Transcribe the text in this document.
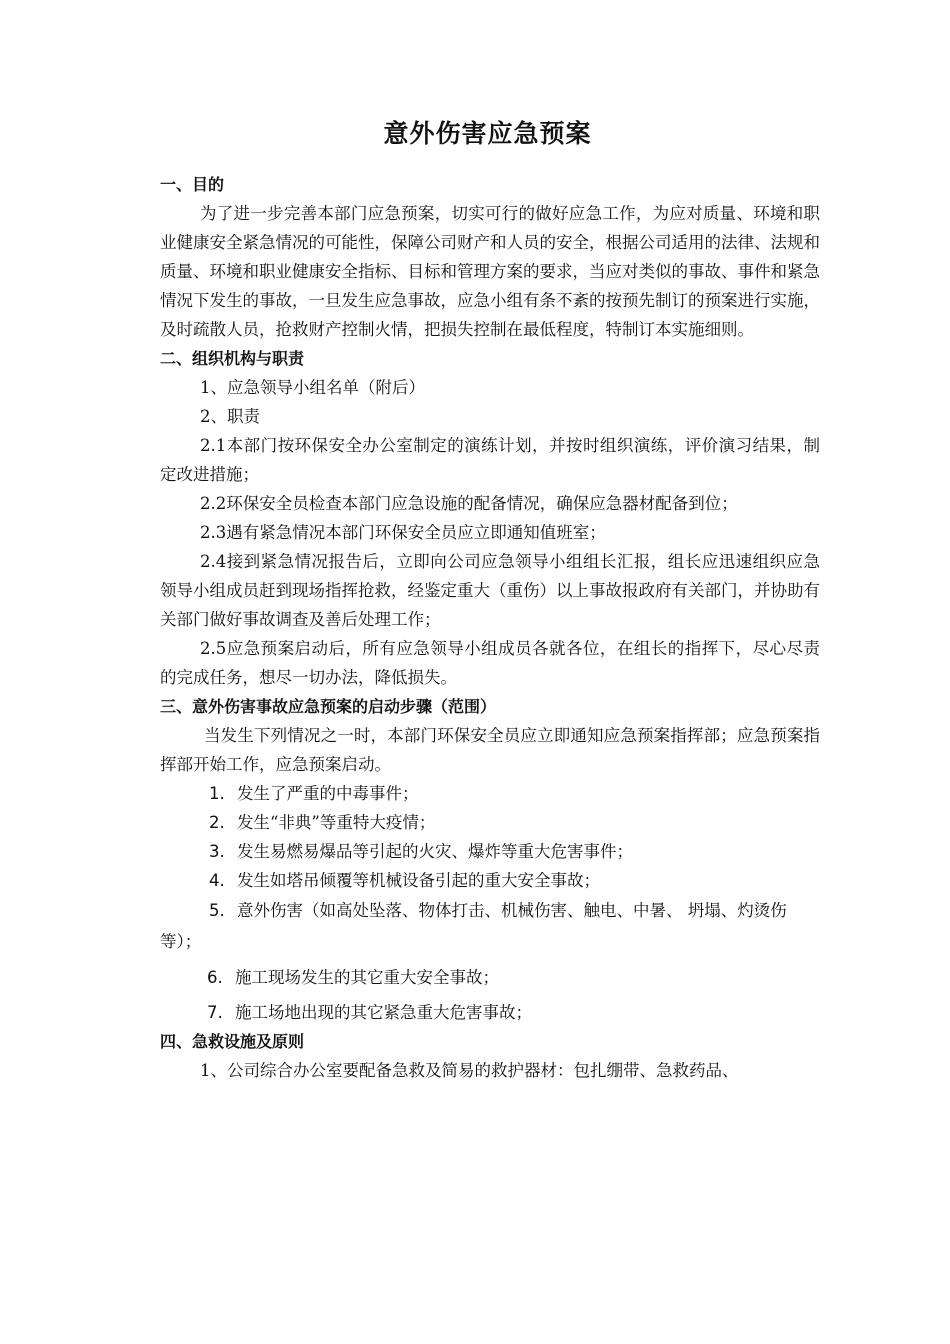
意外伤害应急预案

一、目的

为了进一步完善本部门应急预案，切实可行的做好应急工作，为应对质量、环境和职业健康安全紧急情况的可能性，保障公司财产和人员的安全，根据公司适用的法律、法规和质量、环境和职业健康安全指标、目标和管理方案的要求，当应对类似的事故、事件和紧急情况下发生的事故，一旦发生应急事故，应急小组有条不紊的按预先制订的预案进行实施，及时疏散人员，抢救财产控制火情，把损失控制在最低程度，特制订本实施细则。

二、组织机构与职责

1、应急领导小组名单（附后）

2、职责

2.1本部门按环保安全办公室制定的演练计划，并按时组织演练，评价演习结果，制定改进措施；

2.2环保安全员检查本部门应急设施的配备情况，确保应急器材配备到位；

2.3遇有紧急情况本部门环保安全员应立即通知值班室；

2.4接到紧急情况报告后，立即向公司应急领导小组组长汇报，组长应迅速组织应急领导小组成员赶到现场指挥抢救，经鉴定重大（重伤）以上事故报政府有关部门，并协助有关部门做好事故调查及善后处理工作；

2.5应急预案启动后，所有应急领导小组成员各就各位，在组长的指挥下，尽心尽责的完成任务，想尽一切办法，降低损失。

三、意外伤害事故应急预案的启动步骤（范围）

当发生下列情况之一时，本部门环保安全员应立即通知应急预案指挥部；应急预案指挥部开始工作，应急预案启动。

1. 发生了严重的中毒事件；
2. 发生“非典”等重特大疫情；
3. 发生易燃易爆品等引起的火灾、爆炸等重大危害事件；
4. 发生如塔吊倾覆等机械设备引起的重大安全事故；
5. 意外伤害（如高处坠落、物体打击、机械伤害、触电、中暑、 坍塌、灼烫伤等）；
6. 施工现场发生的其它重大安全事故；
7. 施工场地出现的其它紧急重大危害事故；

四、急救设施及原则

1、公司综合办公室要配备急救及简易的救护器材：包扎绷带、急救药品、
